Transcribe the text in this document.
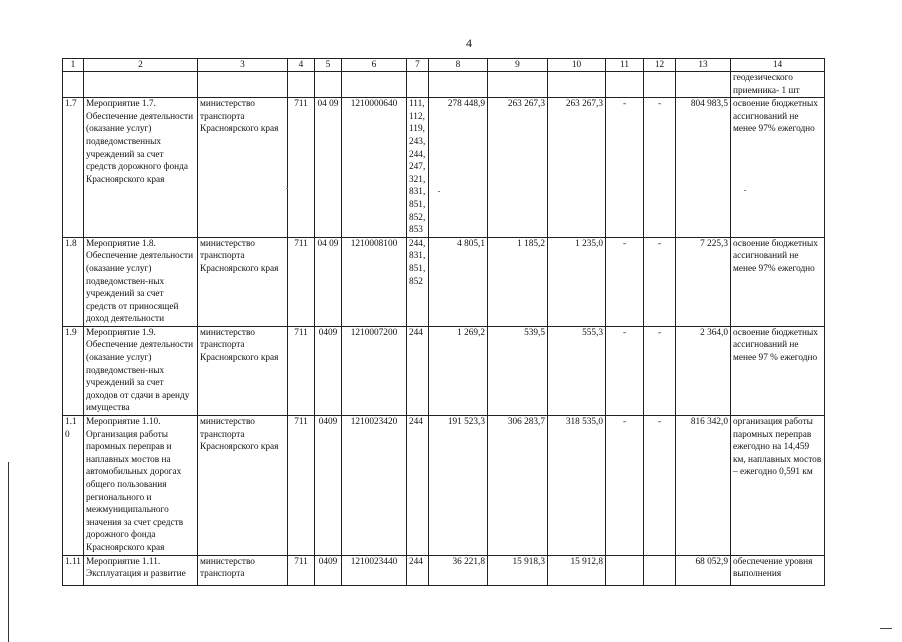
4
1	2	3	4	5	6	7	8	9	10	11	12	13	14
													геодезического приемника- 1 шт
1.7	Мероприятие 1.7. Обеспечение деятельности (оказание услуг) подведомственных учреждений за счет средств дорожного фонда Красноярского края	министерство транспорта Красноярского края	711	04 09	1210000640	111, 112, 119, 243, 244, 247, 321, 831, 851, 852, 853	278 448,9	263 267,3	263 267,3	-	-	804 983,5	освоение бюджетных ассигнований не менее 97% ежегодно
1.8	Мероприятие 1.8. Обеспечение деятельности (оказание услуг) подведомствен-ных учреждений за счет средств от приносящей доход деятельности	министерство транспорта Красноярского края	711	04 09	1210008100	244, 831, 851, 852	4 805,1	1 185,2	1 235,0	-	-	7 225,3	освоение бюджетных ассигнований не менее 97% ежегодно
1.9	Мероприятие 1.9. Обеспечение деятельности (оказание услуг) подведомствен-ных учреждений за счет доходов от сдачи в аренду имущества	министерство транспорта Красноярского края	711	0409	1210007200	244	1 269,2	539,5	555,3	-	-	2 364,0	освоение бюджетных ассигнований не менее 97 % ежегодно
1.10	Мероприятие 1.10. Организация работы паромных переправ и наплавных мостов на автомобильных дорогах общего пользования регионального и межмуниципального значения за счет средств дорожного фонда Красноярского края	министерство транспорта Красноярского края	711	0409	1210023420	244	191 523,3	306 283,7	318 535,0	-	-	816 342,0	организация работы паромных переправ ежегодно на 14,459 км, наплавных мостов – ежегодно 0,591 км
1.11	Мероприятие 1.11. Эксплуатация и развитие	министерство транспорта	711	0409	1210023440	244	36 221,8	15 918,3	15 912,8			68 052,9	обеспечение уровня выполнения
